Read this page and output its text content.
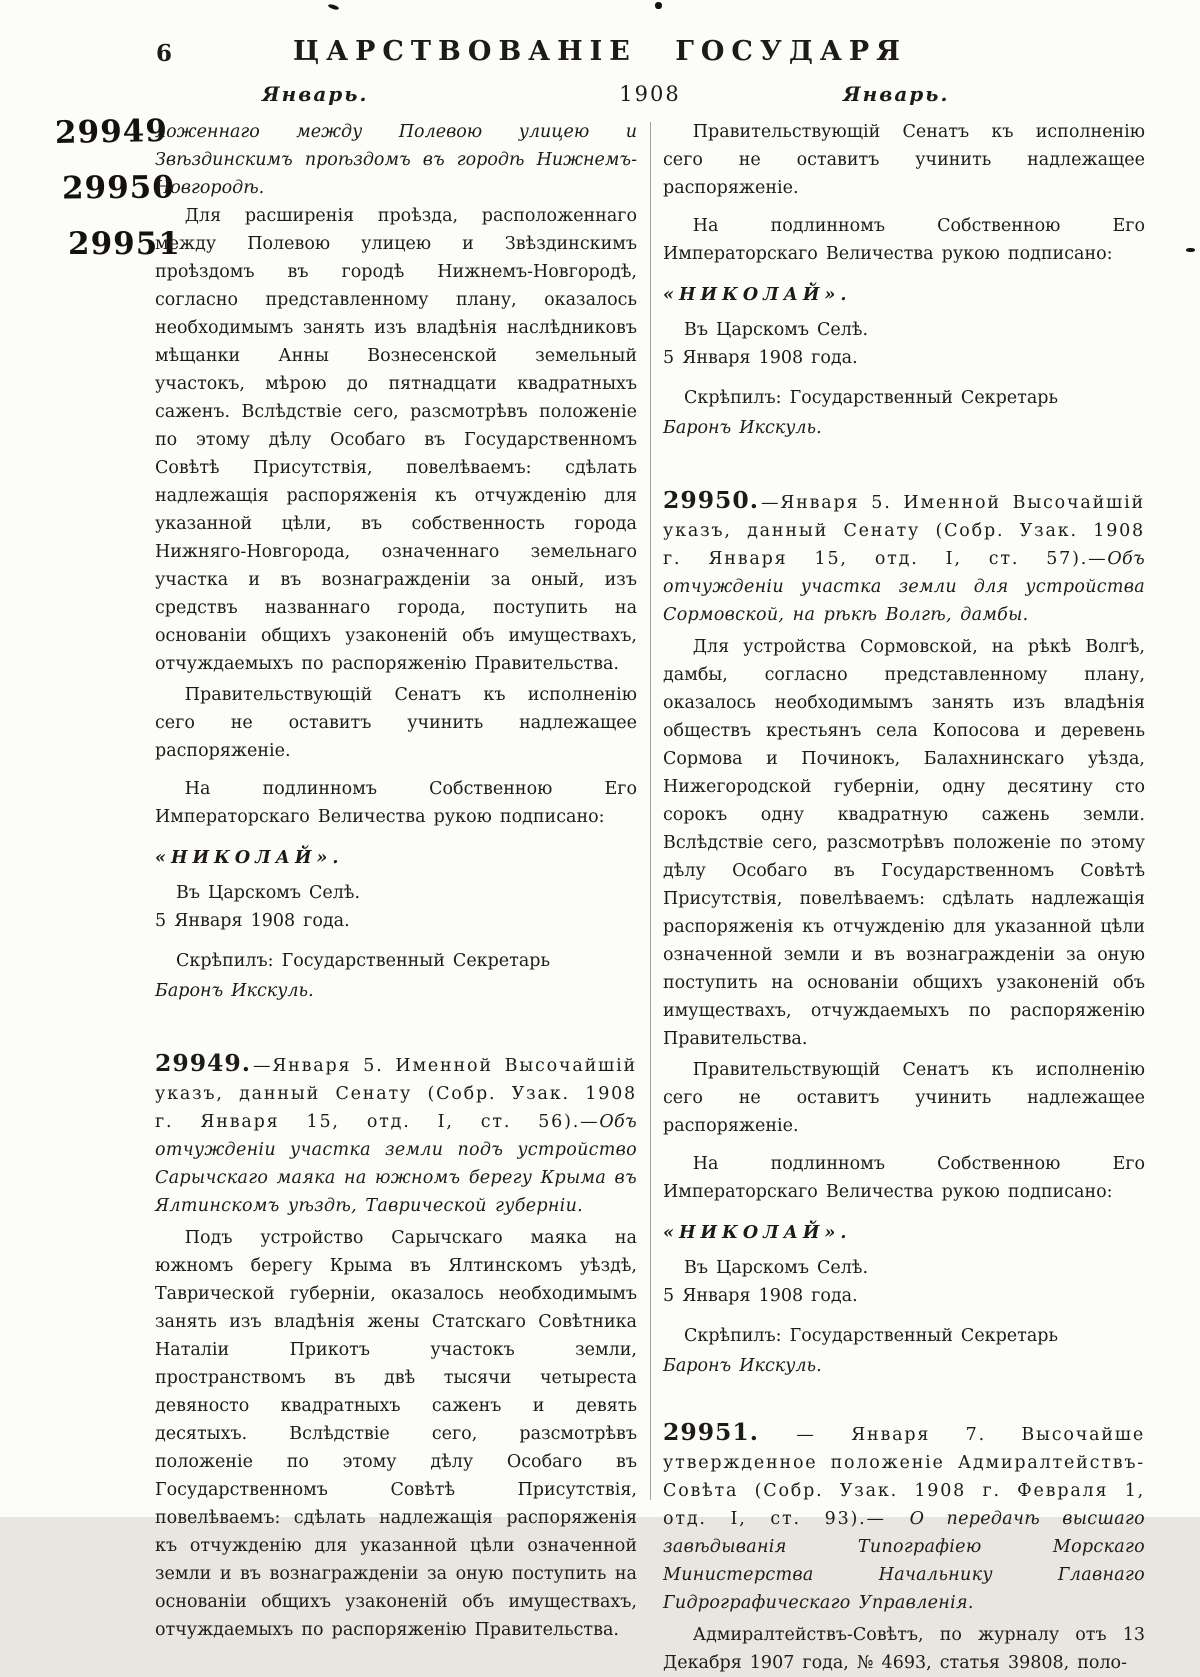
6	ЦАРСТВОВАНІЕ ГОСУДАРЯ
Январь.	1908	Январь.
29949
29950
29951

ложеннаго между Полевою улицею и Звѣздинскимъ проѣздомъ въ городѣ Нижнемъ-Новгородѣ.

Для расширенія проѣзда, расположеннаго между Полевою улицею и Звѣздинскимъ проѣздомъ въ городѣ Нижнемъ-Новгородѣ, согласно представленному плану, оказалось необходимымъ занять изъ владѣнія наслѣдниковъ мѣщанки Анны Вознесенской земельный участокъ, мѣрою до пятнадцати квадратныхъ саженъ. Вслѣдствіе сего, разсмотрѣвъ положеніе по этому дѣлу Особаго въ Государственномъ Совѣтѣ Присутствія, повелѣваемъ: сдѣлать надлежащія распоряженія къ отчужденію для указанной цѣли, въ собственность города Нижняго-Новгорода, означеннаго земельнаго участка и въ вознагражденіи за оный, изъ средствъ названнаго города, поступить на основаніи общихъ узаконеній объ имуществахъ, отчуждаемыхъ по распоряженію Правительства.

Правительствующій Сенатъ къ исполненію сего не оставитъ учинить надлежащее распоряженіе.

На подлинномъ Собственною Его Императорскаго Величества рукою подписано:

«НИКОЛАЙ».

Въ Царскомъ Селѣ.

5 Января 1908 года.

Скрѣпилъ: Государственный Секретарь

Баронъ Икскуль.

29949. —Января 5. Именной Высочайшій указъ, данный Сенату (Собр. Узак. 1908 г. Января 15, отд. I, ст. 56).—Объ отчужденіи участка земли подъ устройство Сарычскаго маяка на южномъ берегу Крыма въ Ялтинскомъ уѣздѣ, Таврической губерніи.

Подъ устройство Сарычскаго маяка на южномъ берегу Крыма въ Ялтинскомъ уѣздѣ, Таврической губерніи, оказалось необходимымъ занять изъ владѣнія жены Статскаго Совѣтника Наталіи Прикотъ участокъ земли, пространствомъ въ двѣ тысячи четыреста девяносто квадратныхъ саженъ и девять десятыхъ. Вслѣдствіе сего, разсмотрѣвъ положеніе по этому дѣлу Особаго въ Государственномъ Совѣтѣ Присутствія, повелѣваемъ: сдѣлать надлежащія распоряженія къ отчужденію для указанной цѣли означенной земли и въ вознагражденіи за оную поступить на основаніи общихъ узаконеній объ имуществахъ, отчуждаемыхъ по распоряженію Правительства.

Правительствующій Сенатъ къ исполненію сего не оставитъ учинить надлежащее распоряженіе.

На подлинномъ Собственною Его Императорскаго Величества рукою подписано:

«НИКОЛАЙ».

Въ Царскомъ Селѣ.

5 Января 1908 года.

Скрѣпилъ: Государственный Секретарь

Баронъ Икскуль.

29950. —Января 5. Именной Высочайшій указъ, данный Сенату (Собр. Узак. 1908 г. Января 15, отд. I, ст. 57).—Объ отчужденіи участка земли для устройства Сормовской, на рѣкѣ Волгѣ, дамбы.

Для устройства Сормовской, на рѣкѣ Волгѣ, дамбы, согласно представленному плану, оказалось необходимымъ занять изъ владѣнія обществъ крестьянъ села Копосова и деревень Сормова и Починокъ, Балахнинскаго уѣзда, Нижегородской губерніи, одну десятину сто сорокъ одну квадратную сажень земли. Вслѣдствіе сего, разсмотрѣвъ положеніе по этому дѣлу Особаго въ Государственномъ Совѣтѣ Присутствія, повелѣваемъ: сдѣлать надлежащія распоряженія къ отчужденію для указанной цѣли означенной земли и въ вознагражденіи за оную поступить на основаніи общихъ узаконеній объ имуществахъ, отчуждаемыхъ по распоряженію Правительства.

Правительствующій Сенатъ къ исполненію сего не оставитъ учинить надлежащее распоряженіе.

На подлинномъ Собственною Его Императорскаго Величества рукою подписано:

«НИКОЛАЙ».

Въ Царскомъ Селѣ.

5 Января 1908 года.

Скрѣпилъ: Государственный Секретарь

Баронъ Икскуль.

29951. — Января 7. Высочайше утвержденное положеніе Адмиралтействъ-Совѣта (Собр. Узак. 1908 г. Февраля 1, отд. I, ст. 93).— О передачѣ высшаго завѣдыванія Типографіею Морскаго Министерства Начальнику Главнаго Гидрографическаго Управленія.

Адмиралтействъ-Совѣтъ, по журналу отъ 13 Декабря 1907 года, № 4693, статья 39808, поло-
